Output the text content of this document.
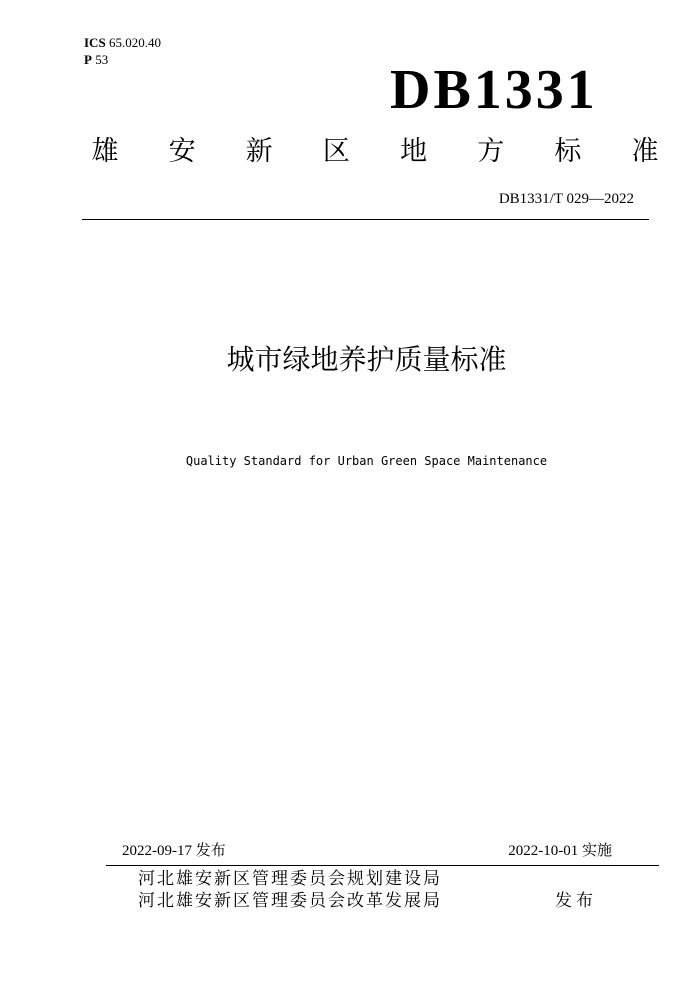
ICS 65.020.40
P 53	DB1331
雄 安 新 区 地 方 标 准
DB1331/T 029—2022
城市绿地养护质量标准
Quality Standard for Urban Green Space Maintenance
2022-09-17 发布	2022-10-01 实施
河北雄安新区管理委员会规划建设局
河北雄安新区管理委员会改革发展局	发布
